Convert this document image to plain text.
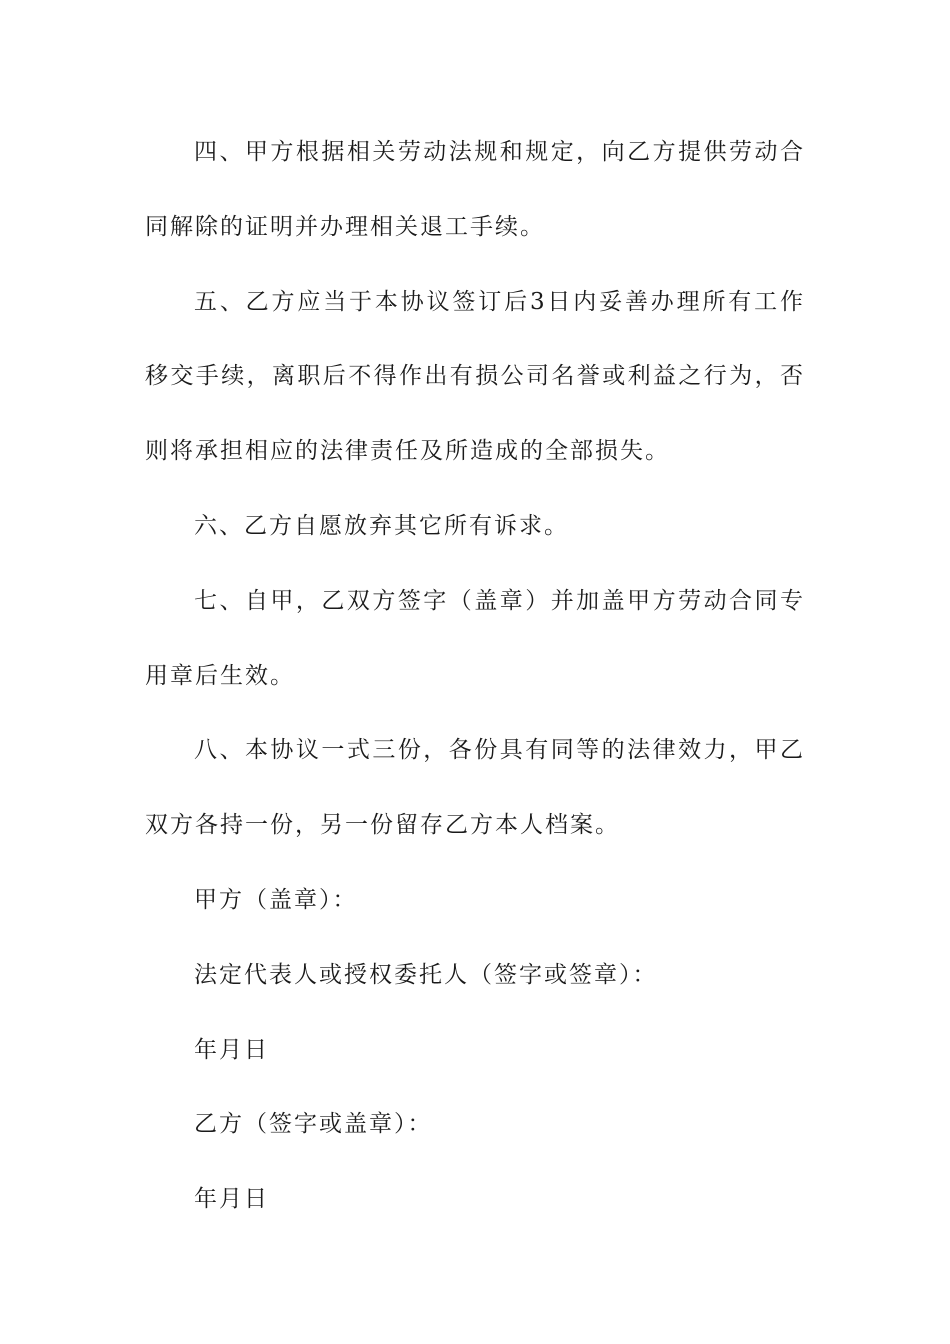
四、甲方根据相关劳动法规和规定，向乙方提供劳动合同解除的证明并办理相关退工手续。

五、乙方应当于本协议签订后3日内妥善办理所有工作移交手续，离职后不得作出有损公司名誉或利益之行为，否则将承担相应的法律责任及所造成的全部损失。

六、乙方自愿放弃其它所有诉求。

七、自甲，乙双方签字（盖章）并加盖甲方劳动合同专用章后生效。

八、本协议一式三份，各份具有同等的法律效力，甲乙双方各持一份，另一份留存乙方本人档案。

甲方（盖章）：

法定代表人或授权委托人（签字或签章）：

年月日

乙方（签字或盖章）：

年月日
